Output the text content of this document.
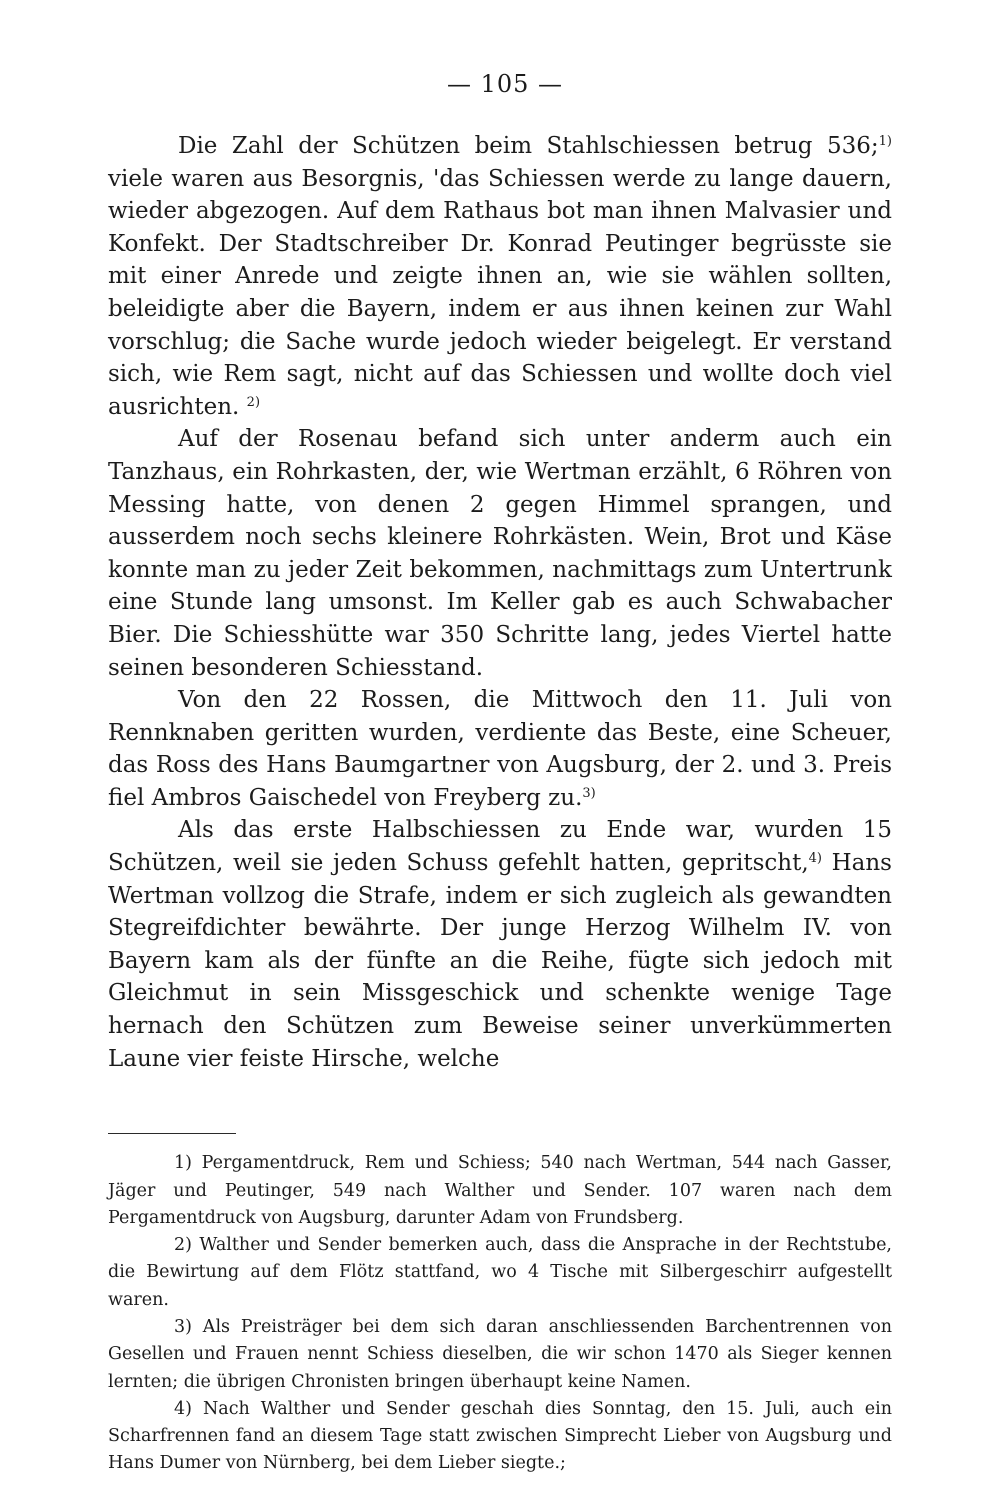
— 105 —

Die Zahl der Schützen beim Stahlschiessen betrug 536;$^{1)}$ viele waren aus Besorgnis, 'das Schiessen werde zu lange dauern, wieder abgezogen. Auf dem Rathaus bot man ihnen Malvasier und Konfekt. Der Stadtschreiber Dr. Konrad Peutinger begrüsste sie mit einer Anrede und zeigte ihnen an, wie sie wählen sollten, beleidigte aber die Bayern, indem er aus ihnen keinen zur Wahl vorschlug; die Sache wurde jedoch wieder beigelegt. Er verstand sich, wie Rem sagt, nicht auf das Schiessen und wollte doch viel ausrichten. $^{2)}$

Auf der Rosenau befand sich unter anderm auch ein Tanzhaus, ein Rohrkasten, der, wie Wertman erzählt, 6 Röhren von Messing hatte, von denen 2 gegen Himmel sprangen, und ausserdem noch sechs kleinere Rohrkästen. Wein, Brot und Käse konnte man zu jeder Zeit bekommen, nachmittags zum Untertrunk eine Stunde lang umsonst. Im Keller gab es auch Schwabacher Bier. Die Schiesshütte war 350 Schritte lang, jedes Viertel hatte seinen besonderen Schiesstand.

Von den 22 Rossen, die Mittwoch den 11. Juli von Rennknaben geritten wurden, verdiente das Beste, eine Scheuer, das Ross des Hans Baumgartner von Augsburg, der 2. und 3. Preis fiel Ambros Gaischedel von Freyberg zu.$^{3)}$

Als das erste Halbschiessen zu Ende war, wurden 15 Schützen, weil sie jeden Schuss gefehlt hatten, gepritscht,$^{4)}$ Hans Wertman vollzog die Strafe, indem er sich zugleich als gewandten Stegreifdichter bewährte. Der junge Herzog Wilhelm IV. von Bayern kam als der fünfte an die Reihe, fügte sich jedoch mit Gleichmut in sein Missgeschick und schenkte wenige Tage hernach den Schützen zum Beweise seiner unverkümmerten Laune vier feiste Hirsche, welche

1) Pergamentdruck, Rem und Schiess; 540 nach Wertman, 544 nach Gasser, Jäger und Peutinger, 549 nach Walther und Sender. 107 waren nach dem Pergamentdruck von Augsburg, darunter Adam von Frundsberg.

2) Walther und Sender bemerken auch, dass die Ansprache in der Rechtstube, die Bewirtung auf dem Flötz stattfand, wo 4 Tische mit Silbergeschirr aufgestellt waren.

3) Als Preisträger bei dem sich daran anschliessenden Barchentrennen von Gesellen und Frauen nennt Schiess dieselben, die wir schon 1470 als Sieger kennen lernten; die übrigen Chronisten bringen überhaupt keine Namen.

4) Nach Walther und Sender geschah dies Sonntag, den 15. Juli, auch ein Scharfrennen fand an diesem Tage statt zwischen Simprecht Lieber von Augsburg und Hans Dumer von Nürnberg, bei dem Lieber siegte.;
